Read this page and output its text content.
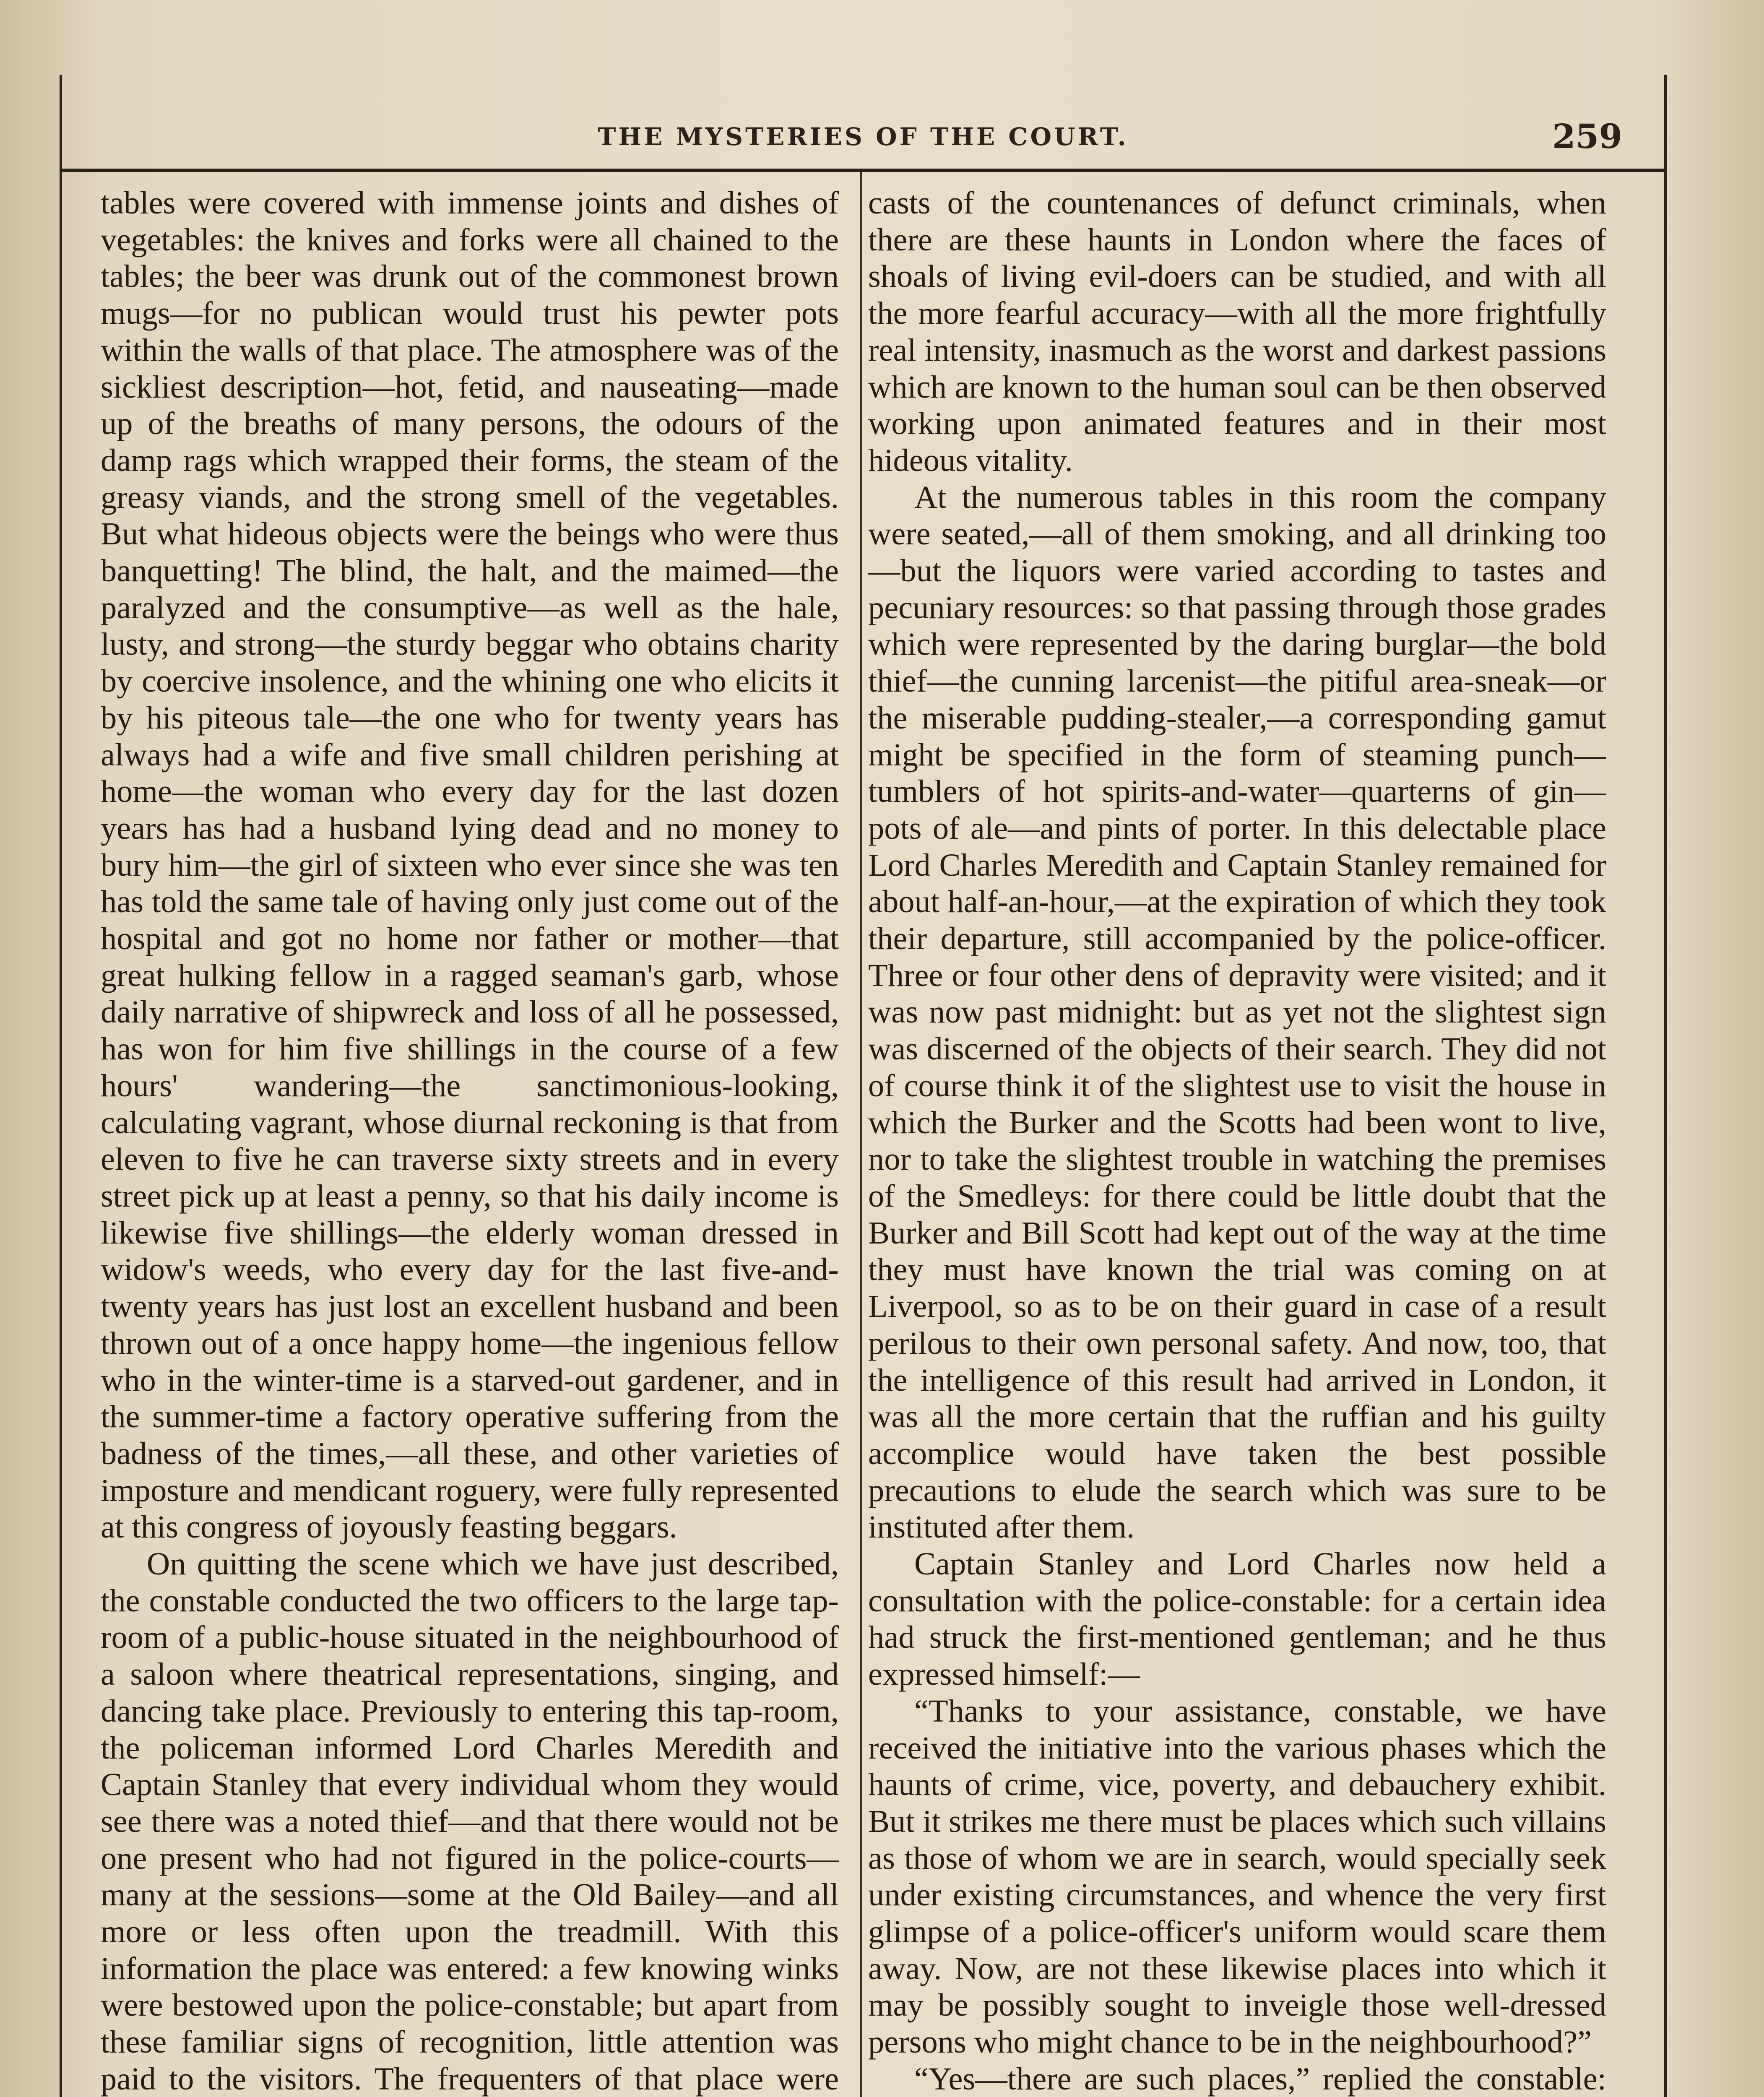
THE MYSTERIES OF THE COURT.	259

tables were covered with immense joints and dishes of vegetables: the knives and forks were all chained to the tables; the beer was drunk out of the commonest brown mugs—for no publican would trust his pewter pots within the walls of that place. The atmosphere was of the sickliest description—hot, fetid, and nauseating—made up of the breaths of many persons, the odours of the damp rags which wrapped their forms, the steam of the greasy viands, and the strong smell of the vegetables. But what hideous objects were the beings who were thus banquetting! The blind, the halt, and the maimed—the paralyzed and the consumptive—as well as the hale, lusty, and strong—the sturdy beggar who obtains charity by coercive insolence, and the whining one who elicits it by his piteous tale—the one who for twenty years has always had a wife and five small children perishing at home—the woman who every day for the last dozen years has had a husband lying dead and no money to bury him—the girl of sixteen who ever since she was ten has told the same tale of having only just come out of the hospital and got no home nor father or mother—that great hulking fellow in a ragged seaman's garb, whose daily narrative of shipwreck and loss of all he possessed, has won for him five shillings in the course of a few hours' wandering—the sanctimonious-looking, calculating vagrant, whose diurnal reckoning is that from eleven to five he can traverse sixty streets and in every street pick up at least a penny, so that his daily income is likewise five shillings—the elderly woman dressed in widow's weeds, who every day for the last five-and-twenty years has just lost an excellent husband and been thrown out of a once happy home—the ingenious fellow who in the winter-time is a starved-out gardener, and in the summer-time a factory operative suffering from the badness of the times,—all these, and other varieties of imposture and mendicant roguery, were fully represented at this congress of joyously feasting beggars.

On quitting the scene which we have just described, the constable conducted the two officers to the large tap-room of a public-house situated in the neighbourhood of a saloon where theatrical representations, singing, and dancing take place. Previously to entering this tap-room, the policeman informed Lord Charles Meredith and Captain Stanley that every individual whom they would see there was a noted thief—and that there would not be one present who had not figured in the police-courts—many at the sessions—some at the Old Bailey—and all more or less often upon the treadmill. With this information the place was entered: a few knowing winks were bestowed upon the police-constable; but apart from these familiar signs of recognition, little attention was paid to the visitors. The frequenters of that place were

casts of the countenances of defunct criminals, when there are these haunts in London where the faces of shoals of living evil-doers can be studied, and with all the more fearful accuracy—with all the more frightfully real intensity, inasmuch as the worst and darkest passions which are known to the human soul can be then observed working upon animated features and in their most hideous vitality.

At the numerous tables in this room the company were seated,—all of them smoking, and all drinking too—but the liquors were varied according to tastes and pecuniary resources: so that passing through those grades which were represented by the daring burglar—the bold thief—the cunning larcenist—the pitiful area-sneak—or the miserable pudding-stealer,—a corresponding gamut might be specified in the form of steaming punch—tumblers of hot spirits-and-water—quarterns of gin—pots of ale—and pints of porter. In this delectable place Lord Charles Meredith and Captain Stanley remained for about half-an-hour,—at the expiration of which they took their departure, still accompanied by the police-officer. Three or four other dens of depravity were visited; and it was now past midnight: but as yet not the slightest sign was discerned of the objects of their search. They did not of course think it of the slightest use to visit the house in which the Burker and the Scotts had been wont to live, nor to take the slightest trouble in watching the premises of the Smedleys: for there could be little doubt that the Burker and Bill Scott had kept out of the way at the time they must have known the trial was coming on at Liverpool, so as to be on their guard in case of a result perilous to their own personal safety. And now, too, that the intelligence of this result had arrived in London, it was all the more certain that the ruffian and his guilty accomplice would have taken the best possible precautions to elude the search which was sure to be instituted after them.

Captain Stanley and Lord Charles now held a consultation with the police-constable: for a certain idea had struck the first-mentioned gentleman; and he thus expressed himself:—

“Thanks to your assistance, constable, we have received the initiative into the various phases which the haunts of crime, vice, poverty, and debauchery exhibit. But it strikes me there must be places which such villains as those of whom we are in search, would specially seek under existing circumstances, and whence the very first glimpse of a police-officer's uniform would scare them away. Now, are not these likewise places into which it may be possibly sought to inveigle those well-dressed persons who might chance to be in the neighbourhood?”

“Yes—there are such places,” replied the constable:
